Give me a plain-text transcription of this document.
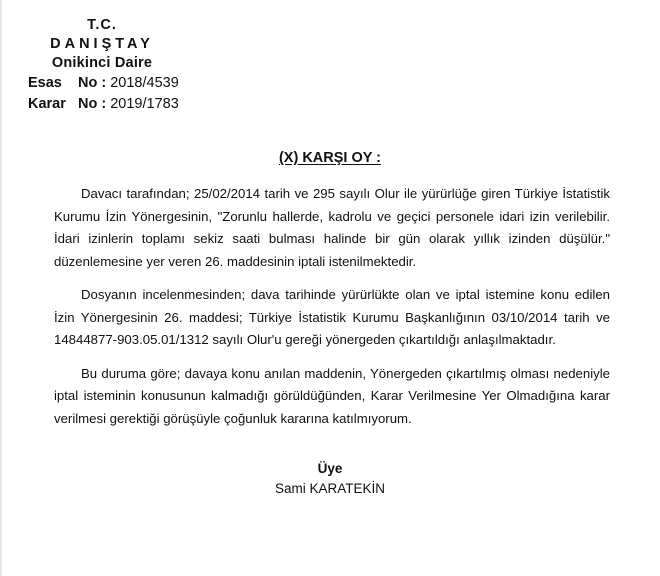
T.C.
DANIŞTAY
Onikinci Daire
Esas	No :
2018/4539
Karar No :
2019/1783
(X) KARŞI OY :

Davacı tarafından; 25/02/2014 tarih ve 295 sayılı Olur ile yürürlüğe giren Türkiye İstatistik Kurumu İzin Yönergesinin, "Zorunlu hallerde, kadrolu ve geçici personele idari izin verilebilir. İdari izinlerin toplamı sekiz saati bulması halinde bir gün olarak yıllık izinden düşülür." düzenlemesine yer veren 26. maddesinin iptali istenilmektedir.

Dosyanın incelenmesinden; dava tarihinde yürürlükte olan ve iptal istemine konu edilen İzin Yönergesinin 26. maddesi; Türkiye İstatistik Kurumu Başkanlığının 03/10/2014 tarih ve 14844877-903.05.01/1312 sayılı Olur'u gereği yönergeden çıkartıldığı anlaşılmaktadır.

Bu duruma göre; davaya konu anılan maddenin, Yönergeden çıkartılmış olması nedeniyle iptal isteminin konusunun kalmadığı görüldüğünden, Karar Verilmesine Yer Olmadığına karar verilmesi gerektiği görüşüyle çoğunluk kararına katılmıyorum.

Üye
Sami KARATEKİN
